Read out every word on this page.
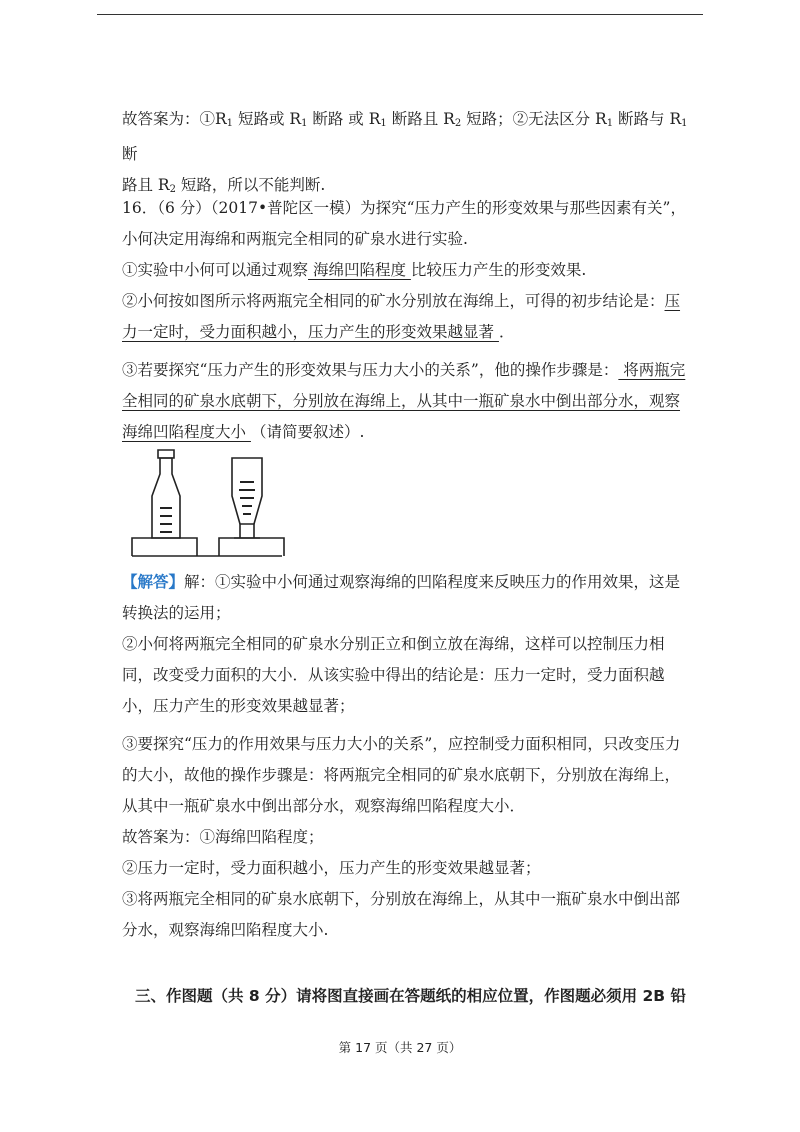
故答案为：$①R_1$ 短路或 $R_1$ 断路 或 $R_1$ 断路且 $R_2$ 短路；②无法区分 $R_1$ 断路与 $R_1$ 断
路且 $R_2$ 短路，所以不能判断.

16．（6 分）（2017•普陀区一模）为探究“压力产生的形变效果与那些因素有关”，小何决定用海绵和两瓶完全相同的矿泉水进行实验.

①实验中小何可以通过观察 海绵凹陷程度 比较压力产生的形变效果.

②小何按如图所示将两瓶完全相同的矿水分别放在海绵上，可得的初步结论是：压力一定时，受力面积越小，压力产生的形变效果越显著 ．

③若要探究“压力产生的形变效果与压力大小的关系”，他的操作步骤是： 将两瓶完全相同的矿泉水底朝下，分别放在海绵上，从其中一瓶矿泉水中倒出部分水，观察海绵凹陷程度大小 （请简要叙述）.

【解答】解：①实验中小何通过观察海绵的凹陷程度来反映压力的作用效果，这是转换法的运用；

②小何将两瓶完全相同的矿泉水分别正立和倒立放在海绵，这样可以控制压力相同，改变受力面积的大小．从该实验中得出的结论是：压力一定时，受力面积越小，压力产生的形变效果越显著；

③要探究“压力的作用效果与压力大小的关系”，应控制受力面积相同，只改变压力的大小，故他的操作步骤是：将两瓶完全相同的矿泉水底朝下，分别放在海绵上，从其中一瓶矿泉水中倒出部分水，观察海绵凹陷程度大小．

故答案为：①海绵凹陷程度；

②压力一定时，受力面积越小，压力产生的形变效果越显著；

③将两瓶完全相同的矿泉水底朝下，分别放在海绵上，从其中一瓶矿泉水中倒出部分水，观察海绵凹陷程度大小.

三、作图题（共 8 分）请将图直接画在答题纸的相应位置，作图题必须用 2B 铅
第 17 页（共 27 页）
